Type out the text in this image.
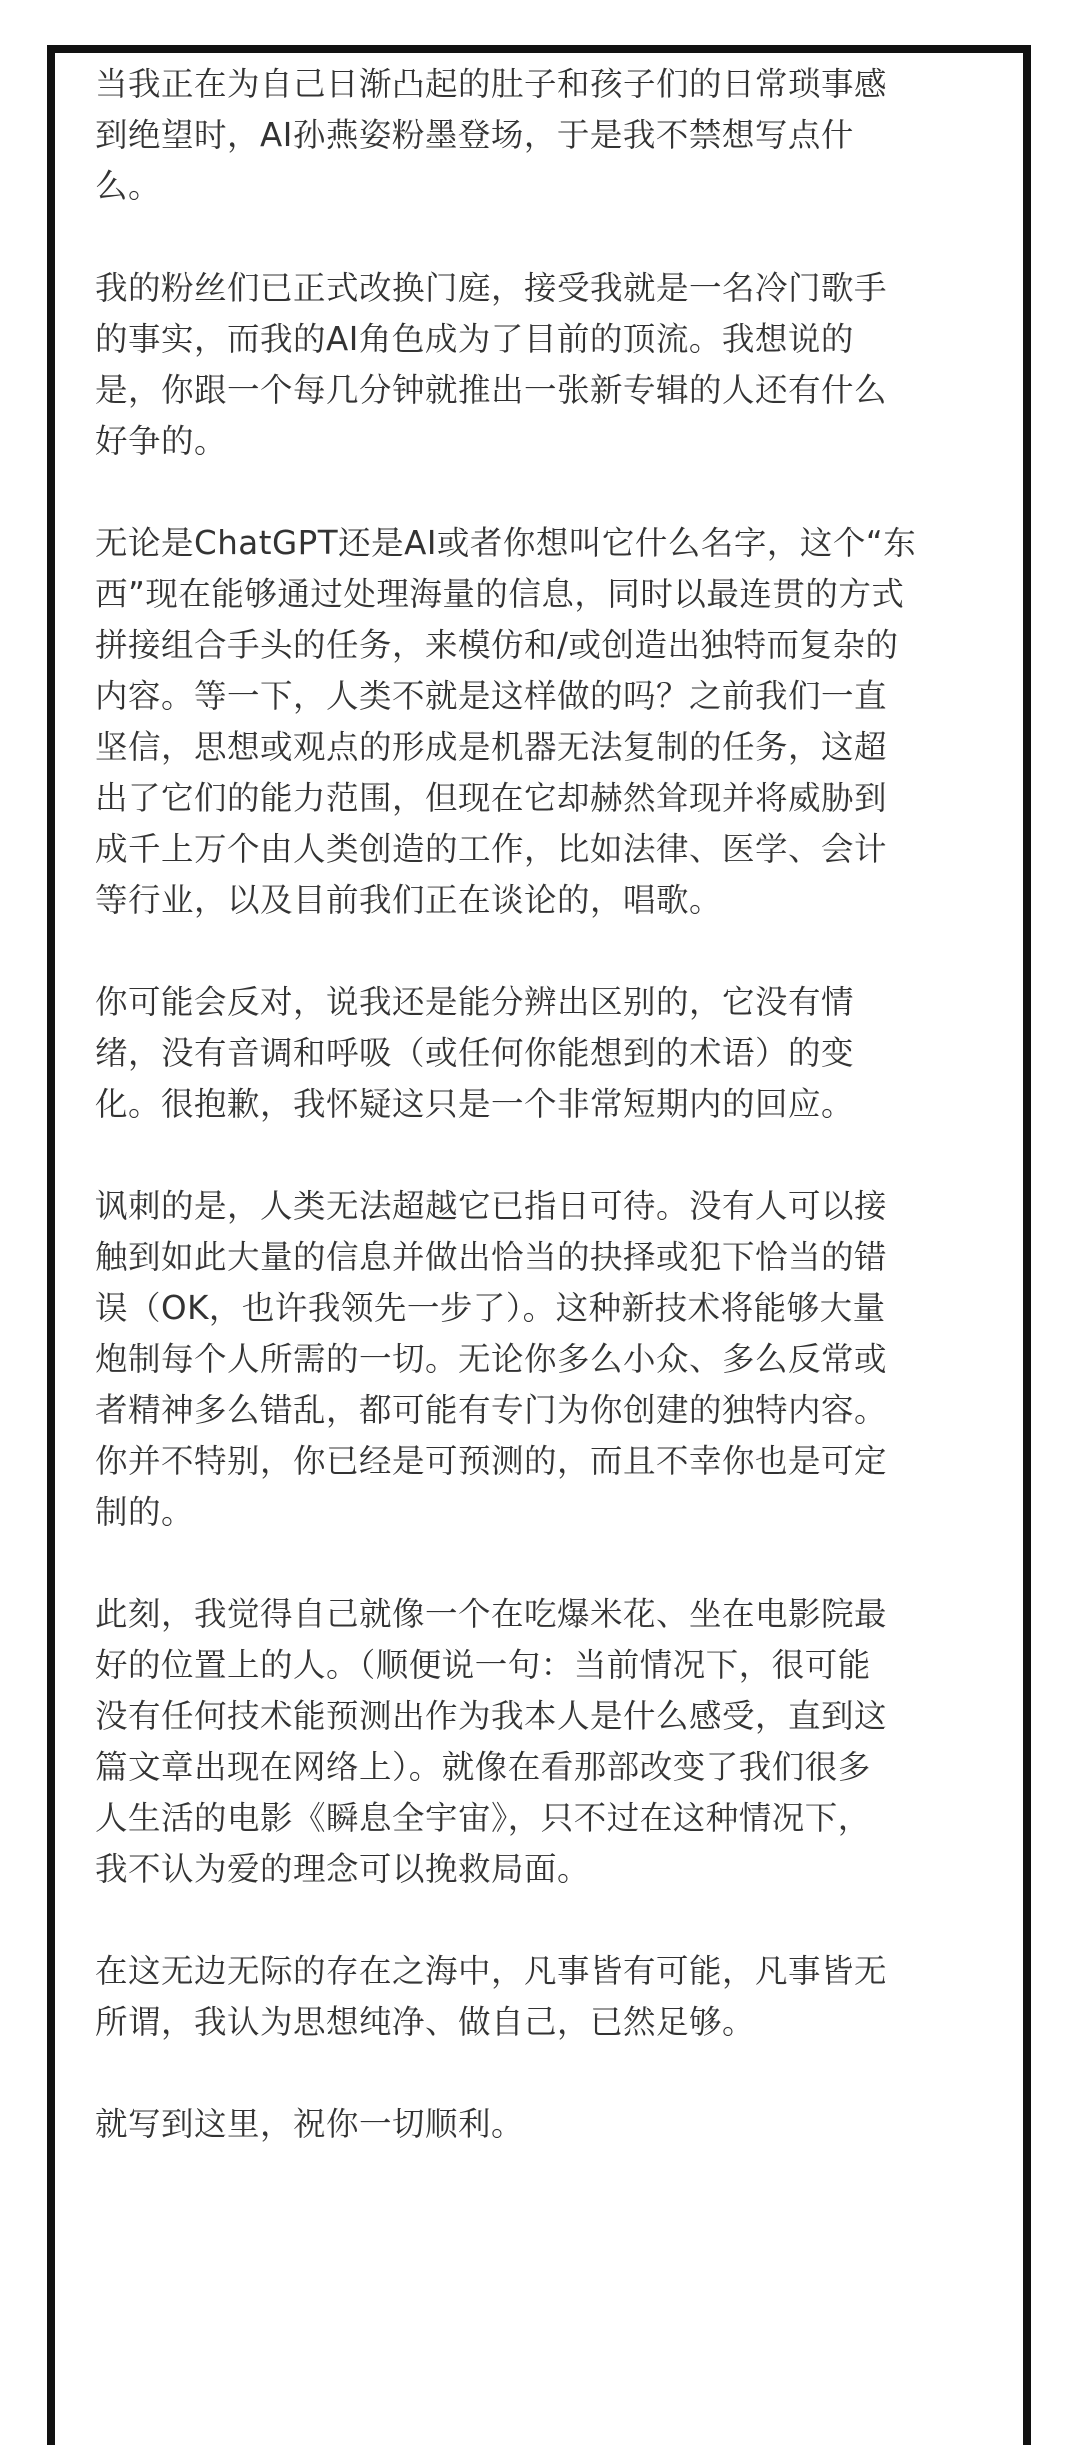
当我正在为自己日渐凸起的肚子和孩子们的日常琐事感
到绝望时，AI孙燕姿粉墨登场，于是我不禁想写点什
么。

我的粉丝们已正式改换门庭，接受我就是一名冷门歌手
的事实，而我的AI角色成为了目前的顶流。我想说的
是，你跟一个每几分钟就推出一张新专辑的人还有什么
好争的。

无论是ChatGPT还是AI或者你想叫它什么名字，这个“东
西”现在能够通过处理海量的信息，同时以最连贯的方式
拼接组合手头的任务，来模仿和/或创造出独特而复杂的
内容。等一下，人类不就是这样做的吗？之前我们一直
坚信，思想或观点的形成是机器无法复制的任务，这超
出了它们的能力范围，但现在它却赫然耸现并将威胁到
成千上万个由人类创造的工作，比如法律、医学、会计
等行业，以及目前我们正在谈论的，唱歌。

你可能会反对，说我还是能分辨出区别的，它没有情
绪，没有音调和呼吸（或任何你能想到的术语）的变
化。很抱歉，我怀疑这只是一个非常短期内的回应。

讽刺的是，人类无法超越它已指日可待。没有人可以接
触到如此大量的信息并做出恰当的抉择或犯下恰当的错
误（OK，也许我领先一步了）。这种新技术将能够大量
炮制每个人所需的一切。无论你多么小众、多么反常或
者精神多么错乱，都可能有专门为你创建的独特内容。
你并不特别，你已经是可预测的，而且不幸你也是可定
制的。

此刻，我觉得自己就像一个在吃爆米花、坐在电影院最
好的位置上的人。（顺便说一句：当前情况下，很可能
没有任何技术能预测出作为我本人是什么感受，直到这
篇文章出现在网络上）。就像在看那部改变了我们很多
人生活的电影《瞬息全宇宙》，只不过在这种情况下，
我不认为爱的理念可以挽救局面。

在这无边无际的存在之海中，凡事皆有可能，凡事皆无
所谓，我认为思想纯净、做自己，已然足够。

就写到这里，祝你一切顺利。
